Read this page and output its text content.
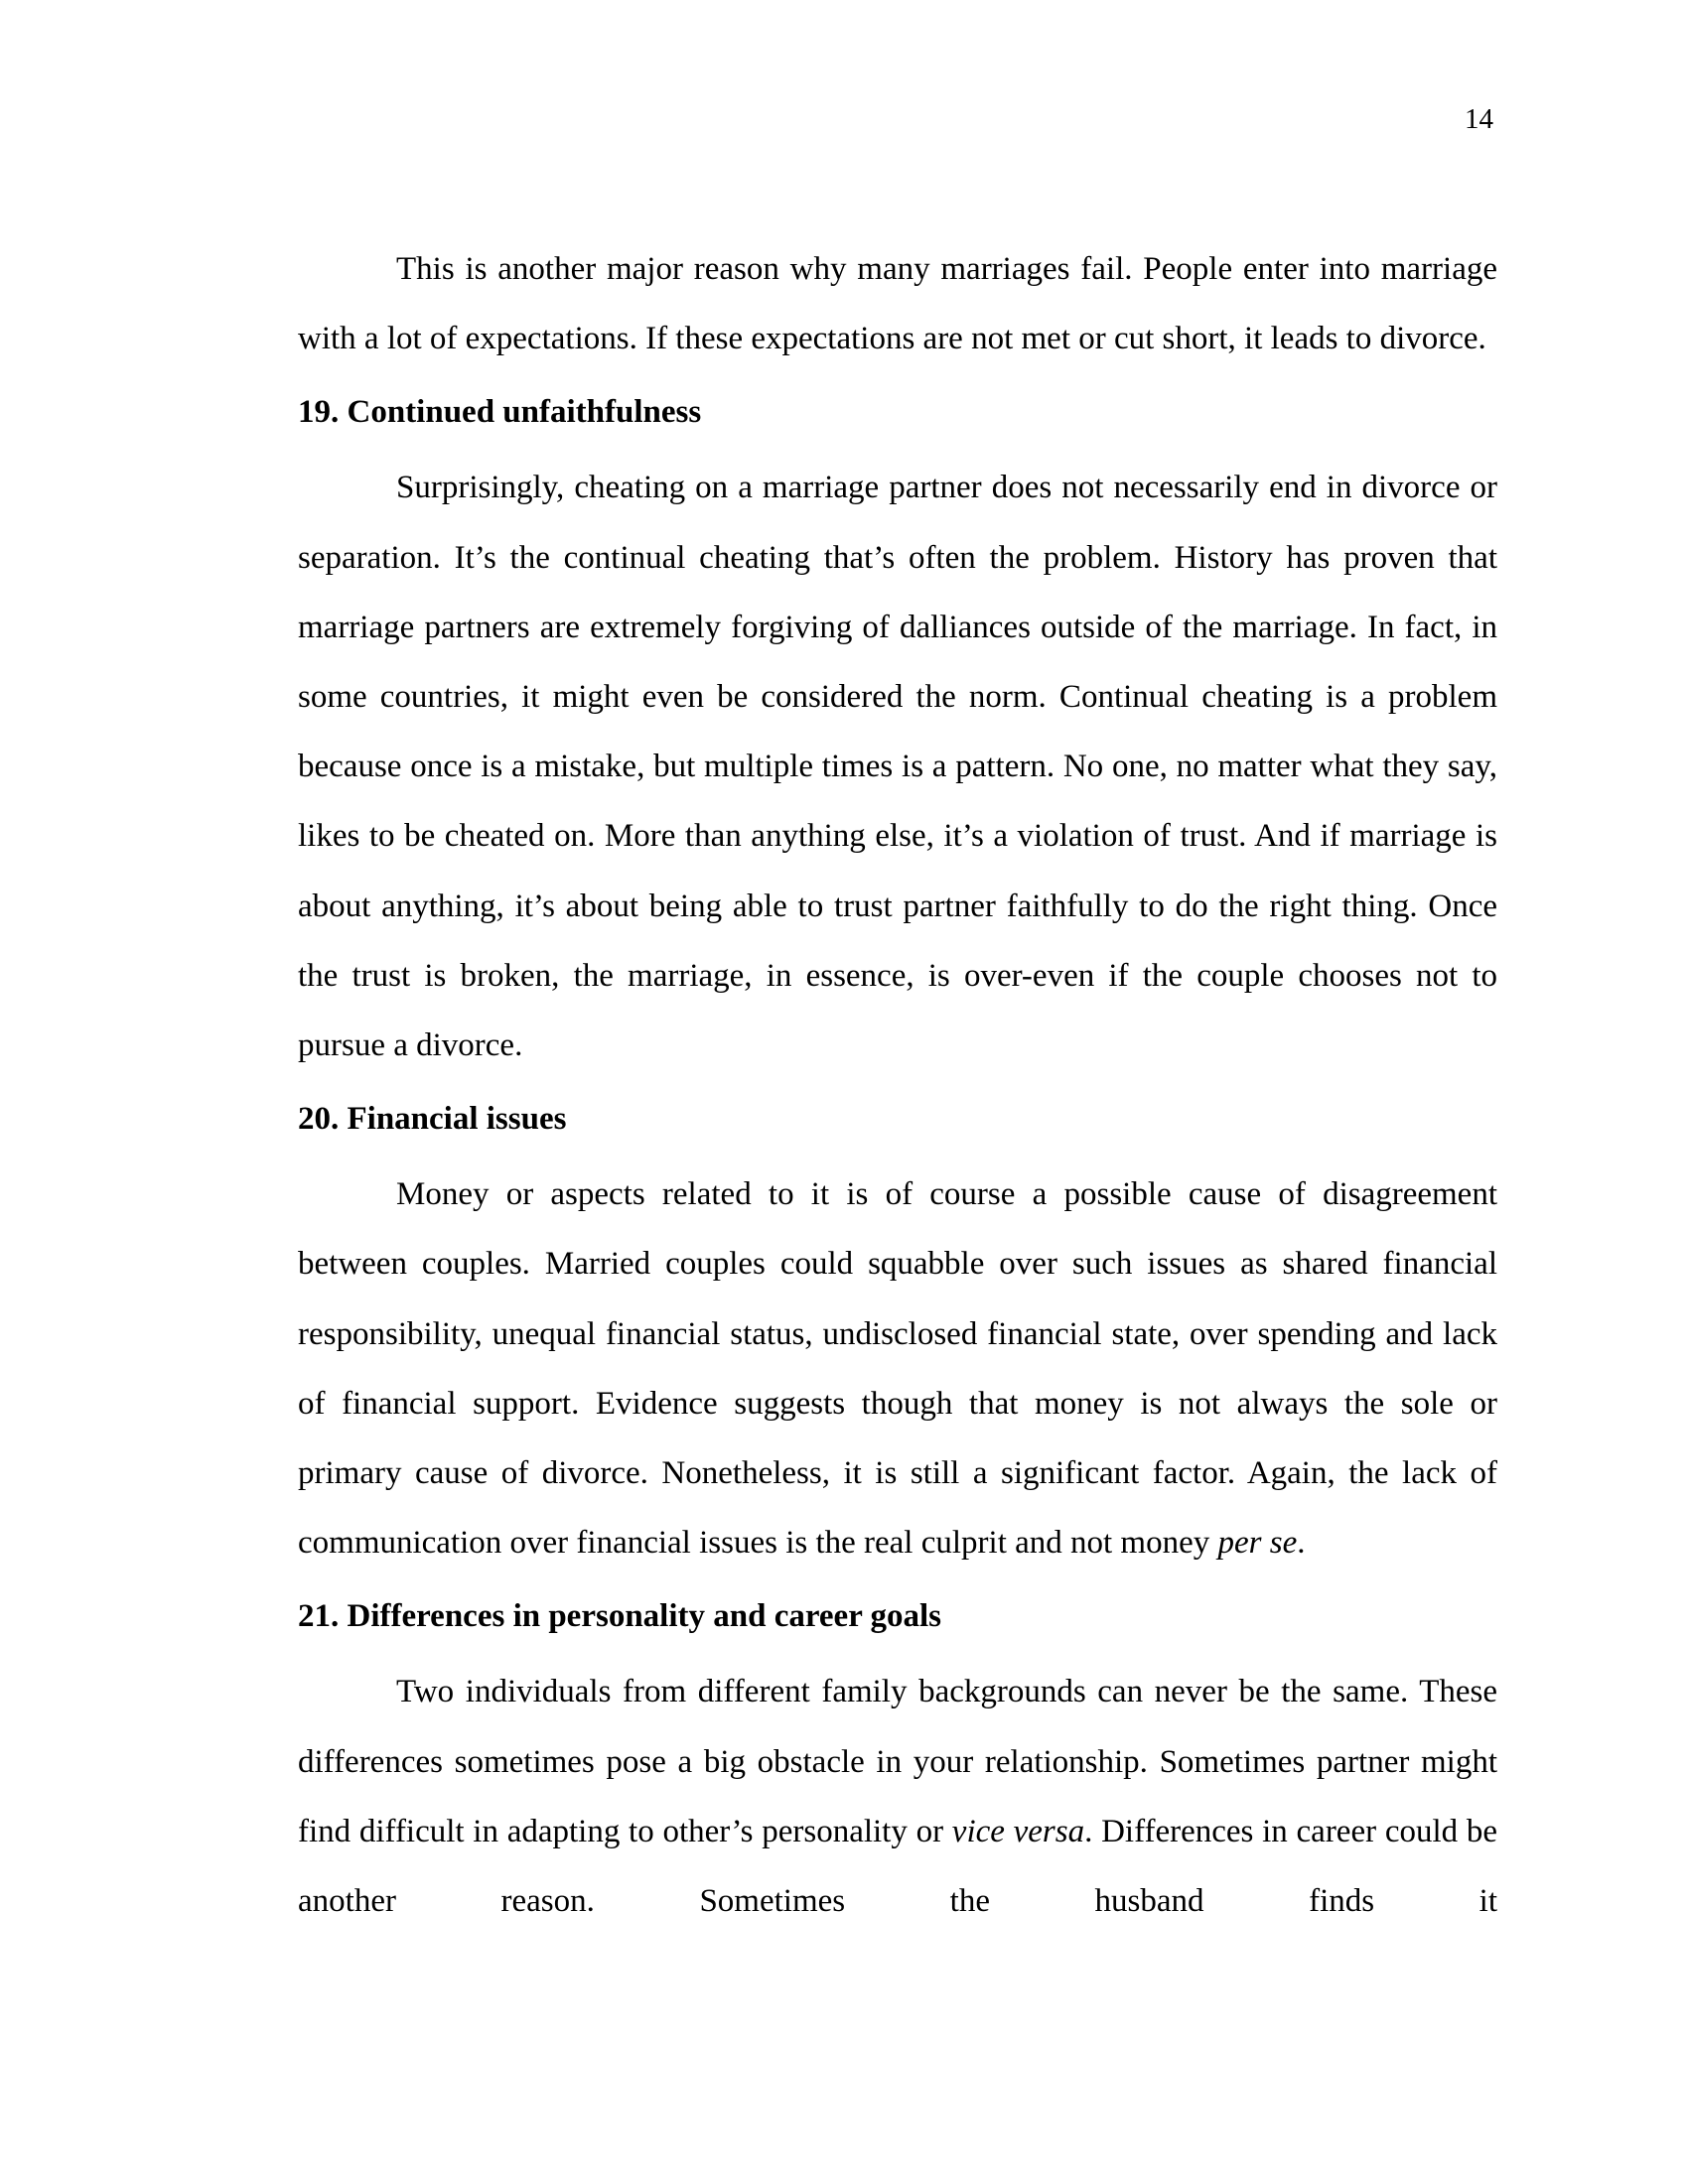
14

This is another major reason why many marriages fail. People enter into marriage with a lot of expectations. If these expectations are not met or cut short, it leads to divorce.

19. Continued unfaithfulness

Surprisingly, cheating on a marriage partner does not necessarily end in divorce or separation. It’s the continual cheating that’s often the problem. History has proven that marriage partners are extremely forgiving of dalliances outside of the marriage. In fact, in some countries, it might even be considered the norm. Continual cheating is a problem because once is a mistake, but multiple times is a pattern. No one, no matter what they say, likes to be cheated on. More than anything else, it’s a violation of trust. And if marriage is about anything, it’s about being able to trust partner faithfully to do the right thing. Once the trust is broken, the marriage, in essence, is over-even if the couple chooses not to pursue a divorce.

20. Financial issues

Money or aspects related to it is of course a possible cause of disagreement between couples. Married couples could squabble over such issues as shared financial responsibility, unequal financial status, undisclosed financial state, over spending and lack of financial support. Evidence suggests though that money is not always the sole or primary cause of divorce. Nonetheless, it is still a significant factor. Again, the lack of communication over financial issues is the real culprit and not money per se.

21. Differences in personality and career goals

Two individuals from different family backgrounds can never be the same. These differences sometimes pose a big obstacle in your relationship. Sometimes partner might find difficult in adapting to other’s personality or vice versa. Differences in career could be another reason. Sometimes the husband finds it
